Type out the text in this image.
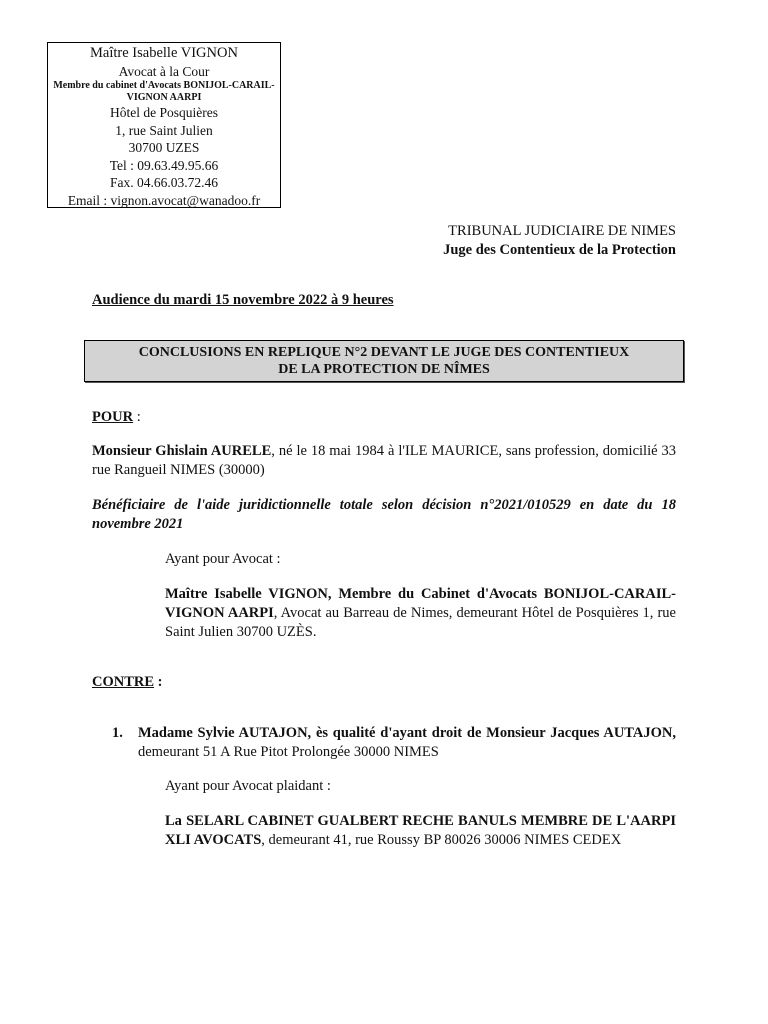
Maître Isabelle VIGNON
Avocat à la Cour
Membre du cabinet d'Avocats BONIJOL-CARAIL-VIGNON AARPI
Hôtel de Posquières
1, rue Saint Julien
30700 UZES
Tel : 09.63.49.95.66
Fax. 04.66.03.72.46
Email : vignon.avocat@wanadoo.fr
TRIBUNAL JUDICIAIRE DE NIMES
Juge des Contentieux de la Protection
Audience du mardi 15 novembre 2022 à 9 heures
CONCLUSIONS EN REPLIQUE N°2 DEVANT LE JUGE DES CONTENTIEUX
DE LA PROTECTION DE NÎMES
POUR :
Monsieur Ghislain AURELE, né le 18 mai 1984 à l'ILE MAURICE, sans profession, domicilié 33 rue Rangueil NIMES (30000)
Bénéficiaire de l'aide juridictionnelle totale selon décision n°2021/010529 en date du 18 novembre 2021
Ayant pour Avocat :
Maître Isabelle VIGNON, Membre du Cabinet d'Avocats BONIJOL-CARAIL-VIGNON AARPI, Avocat au Barreau de Nimes, demeurant Hôtel de Posquières 1, rue Saint Julien 30700 UZÈS.
CONTRE :
1. Madame Sylvie AUTAJON, ès qualité d'ayant droit de Monsieur Jacques AUTAJON, demeurant 51 A Rue Pitot Prolongée 30000 NIMES
Ayant pour Avocat plaidant :
La SELARL CABINET GUALBERT RECHE BANULS MEMBRE DE L'AARPI XLI AVOCATS, demeurant 41, rue Roussy BP 80026 30006 NIMES CEDEX
